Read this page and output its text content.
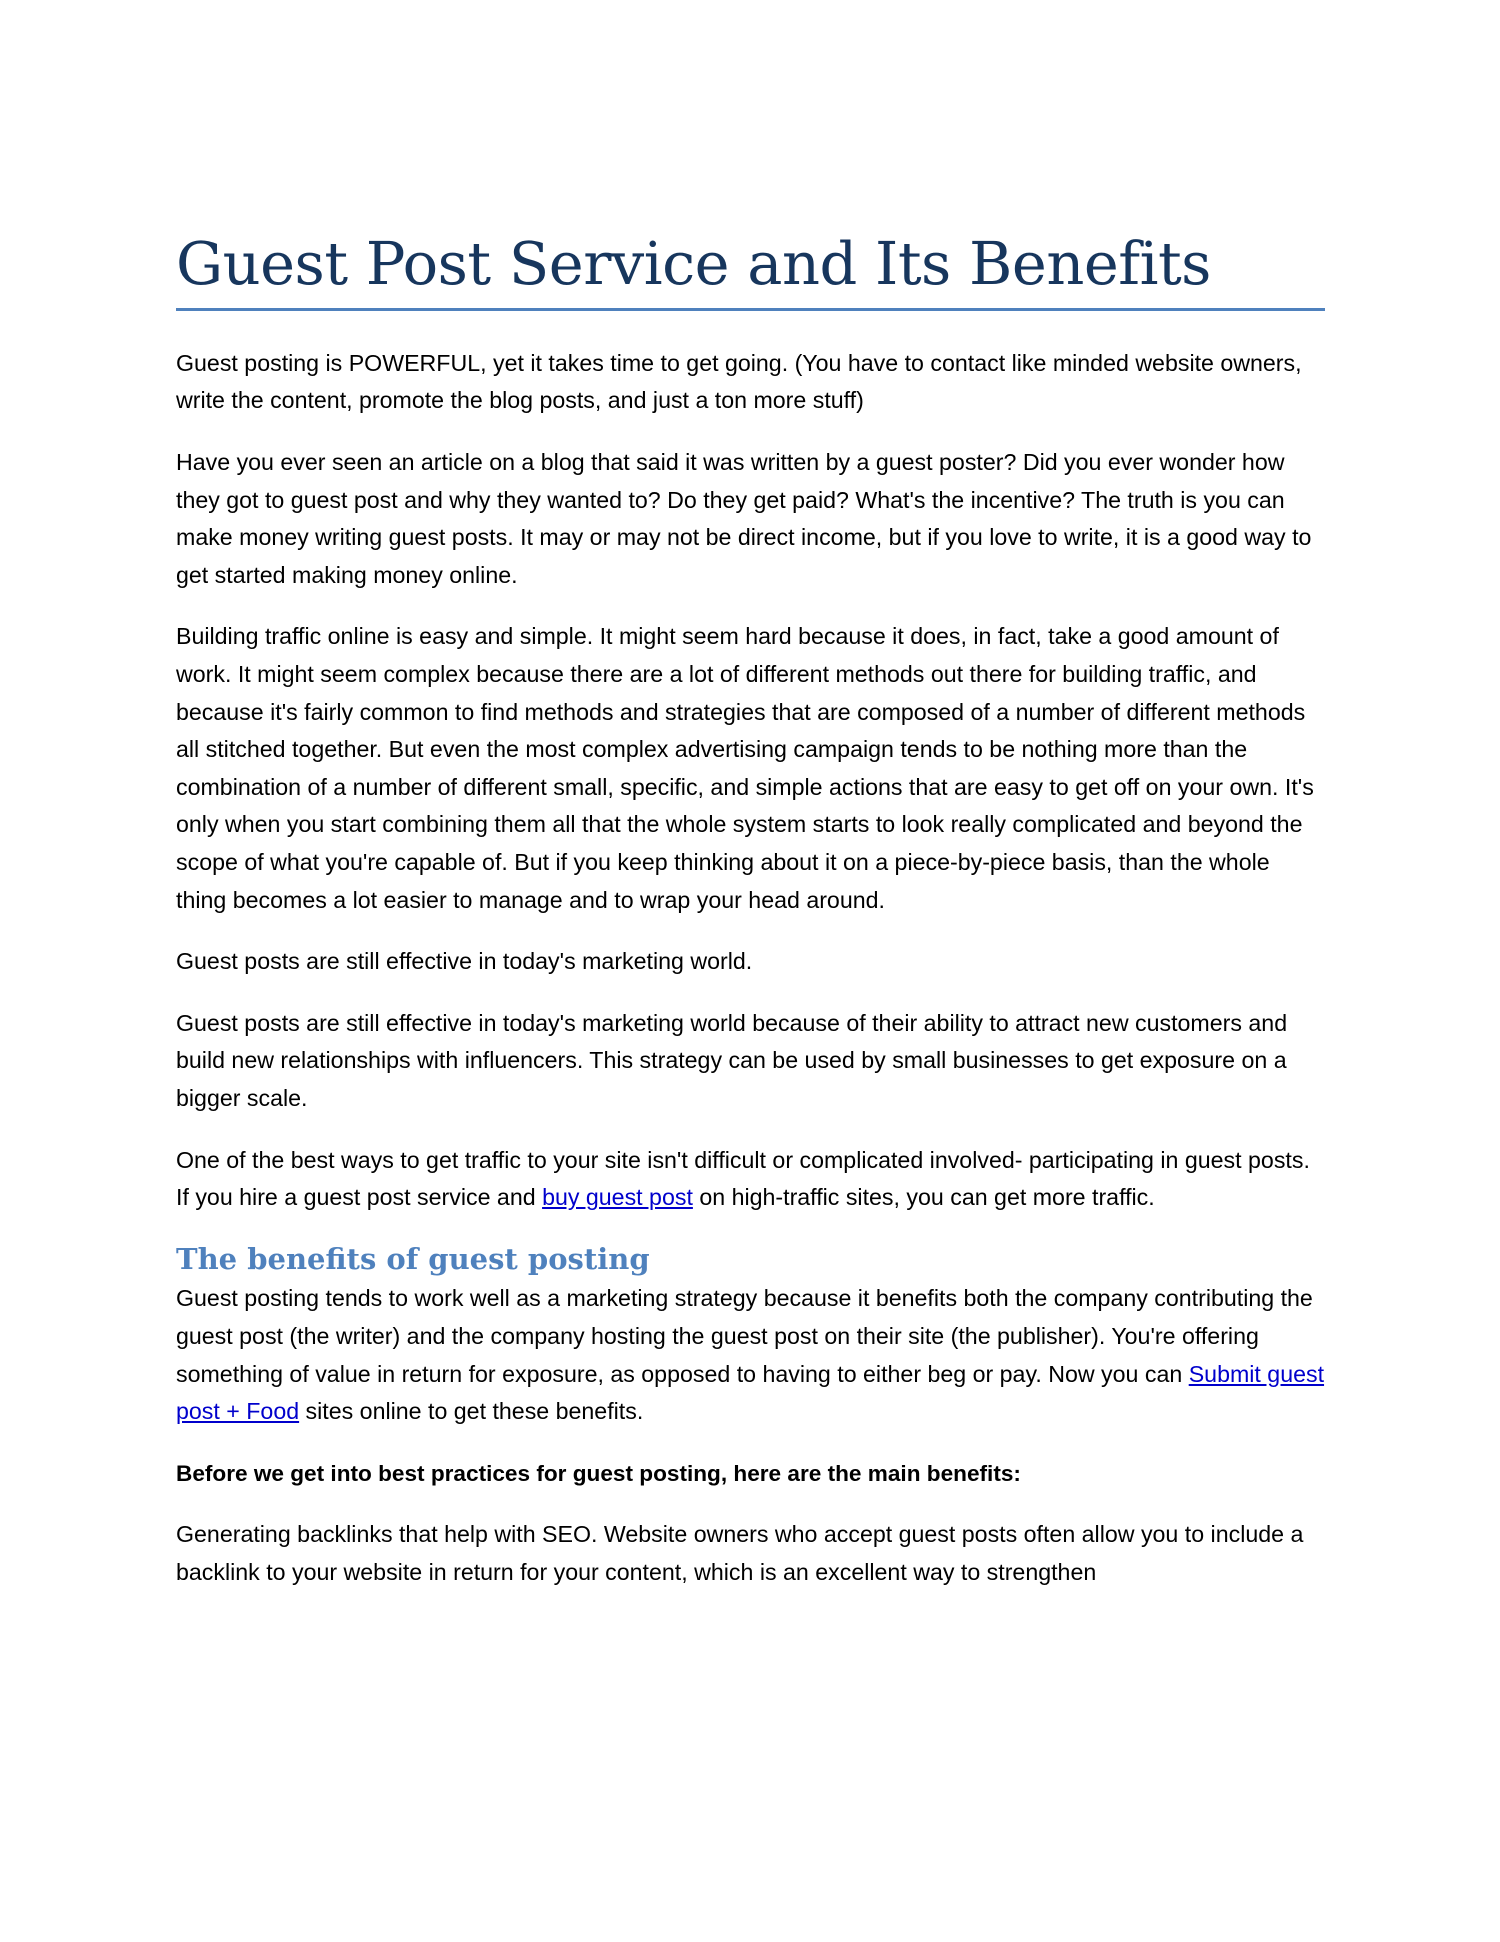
Guest Post Service and Its Benefits

Guest posting is POWERFUL, yet it takes time to get going. (You have to contact like minded website owners, write the content, promote the blog posts, and just a ton more stuff)

Have you ever seen an article on a blog that said it was written by a guest poster? Did you ever wonder how they got to guest post and why they wanted to? Do they get paid? What's the incentive? The truth is you can make money writing guest posts. It may or may not be direct income, but if you love to write, it is a good way to get started making money online.

Building traffic online is easy and simple. It might seem hard because it does, in fact, take a good amount of work. It might seem complex because there are a lot of different methods out there for building traffic, and because it's fairly common to find methods and strategies that are composed of a number of different methods all stitched together. But even the most complex advertising campaign tends to be nothing more than the combination of a number of different small, specific, and simple actions that are easy to get off on your own. It's only when you start combining them all that the whole system starts to look really complicated and beyond the scope of what you're capable of. But if you keep thinking about it on a piece-by-piece basis, than the whole thing becomes a lot easier to manage and to wrap your head around.

Guest posts are still effective in today's marketing world.

Guest posts are still effective in today's marketing world because of their ability to attract new customers and build new relationships with influencers. This strategy can be used by small businesses to get exposure on a bigger scale.

One of the best ways to get traffic to your site isn't difficult or complicated involved- participating in guest posts. If you hire a guest post service and buy guest post on high-traffic sites, you can get more traffic.

The benefits of guest posting

Guest posting tends to work well as a marketing strategy because it benefits both the company contributing the guest post (the writer) and the company hosting the guest post on their site (the publisher). You're offering something of value in return for exposure, as opposed to having to either beg or pay. Now you can Submit guest post + Food sites online to get these benefits.

Before we get into best practices for guest posting, here are the main benefits:

Generating backlinks that help with SEO. Website owners who accept guest posts often allow you to include a backlink to your website in return for your content, which is an excellent way to strengthen
